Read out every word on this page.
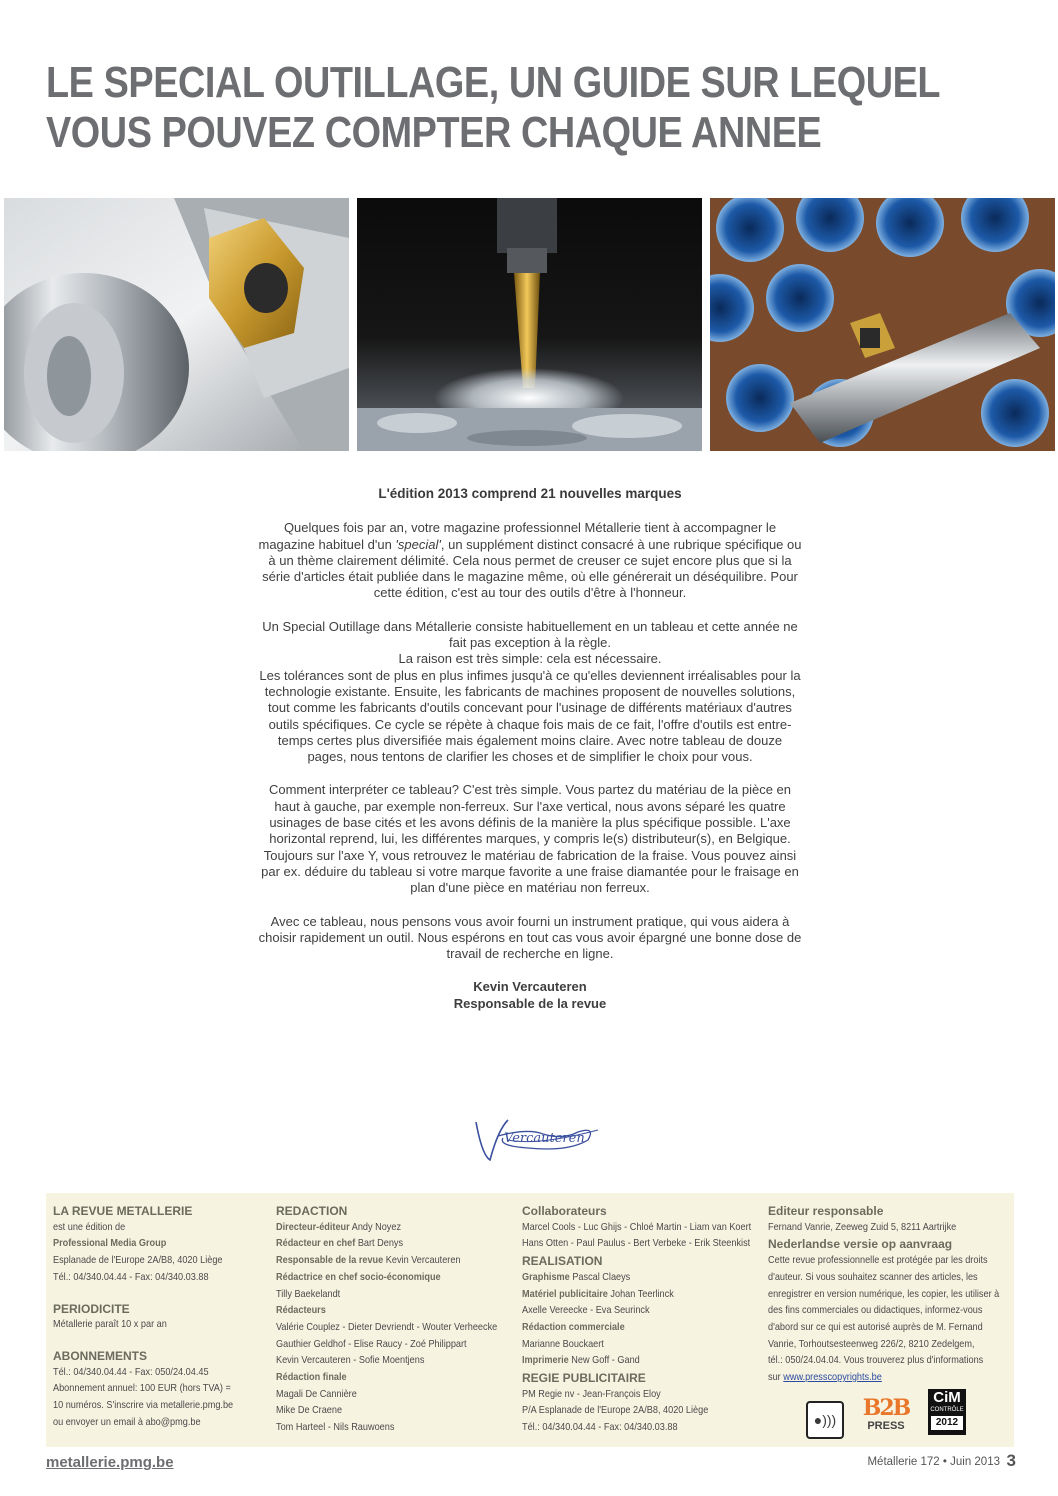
LE SPECIAL OUTILLAGE, UN GUIDE SUR LEQUEL
VOUS POUVEZ COMPTER CHAQUE ANNEE
L'édition 2013 comprend 21 nouvelles marques

Quelques fois par an, votre magazine professionnel Métallerie tient à accompagner le magazine habituel d'un 'special', un supplément distinct consacré à une rubrique spécifique ou à un thème clairement délimité. Cela nous permet de creuser ce sujet encore plus que si la série d'articles était publiée dans le magazine même, où elle générerait un déséquilibre. Pour cette édition, c'est au tour des outils d'être à l'honneur.

Un Special Outillage dans Métallerie consiste habituellement en un tableau et cette année ne fait pas exception à la règle.
La raison est très simple: cela est nécessaire.
Les tolérances sont de plus en plus infimes jusqu'à ce qu'elles deviennent irréalisables pour la technologie existante. Ensuite, les fabricants de machines proposent de nouvelles solutions, tout comme les fabricants d'outils concevant pour l'usinage de différents matériaux d'autres outils spécifiques. Ce cycle se répète à chaque fois mais de ce fait, l'offre d'outils est entre-temps certes plus diversifiée mais également moins claire. Avec notre tableau de douze pages, nous tentons de clarifier les choses et de simplifier le choix pour vous.

Comment interpréter ce tableau? C'est très simple. Vous partez du matériau de la pièce en haut à gauche, par exemple non-ferreux. Sur l'axe vertical, nous avons séparé les quatre usinages de base cités et les avons définis de la manière la plus spécifique possible. L'axe horizontal reprend, lui, les différentes marques, y compris le(s) distributeur(s), en Belgique. Toujours sur l'axe Y, vous retrouvez le matériau de fabrication de la fraise. Vous pouvez ainsi par ex. déduire du tableau si votre marque favorite a une fraise diamantée pour le fraisage en plan d'une pièce en matériau non ferreux.

Avec ce tableau, nous pensons vous avoir fourni un instrument pratique, qui vous aidera à choisir rapidement un outil. Nous espérons en tout cas vous avoir épargné une bonne dose de travail de recherche en ligne.

Kevin Vercauteren
Responsable de la revue
Vercauteren
LA REVUE METALLERIE
est une édition de
Professional Media Group
Esplanade de l'Europe 2A/B8, 4020 Liège
Tél.: 04/340.04.44 - Fax: 04/340.03.88
PERIODICITE
Métallerie paraît 10 x par an
ABONNEMENTS
Tél.: 04/340.04.44 - Fax: 050/24.04.45
Abonnement annuel: 100 EUR (hors TVA) =
10 numéros. S'inscrire via metallerie.pmg.be
ou envoyer un email à abo@pmg.be
REDACTION
Directeur-éditeur Andy Noyez
Rédacteur en chef Bart Denys
Responsable de la revue Kevin Vercauteren
Rédactrice en chef socio-économique
Tilly Baekelandt
Rédacteurs
Valérie Couplez - Dieter Devriendt - Wouter Verheecke
Gauthier Geldhof - Elise Raucy - Zoé Philippart
Kevin Vercauteren - Sofie Moentjens
Rédaction finale
Magali De Cannière
Mike De Craene
Tom Harteel - Nils Rauwoens
Collaborateurs
Marcel Cools - Luc Ghijs - Chloé Martin - Liam van Koert
Hans Otten - Paul Paulus - Bert Verbeke - Erik Steenkist
REALISATION
Graphisme Pascal Claeys
Matériel publicitaire Johan Teerlinck
Axelle Vereecke - Eva Seurinck
Rédaction commerciale
Marianne Bouckaert
Imprimerie New Goff - Gand
REGIE PUBLICITAIRE
PM Regie nv - Jean-François Eloy
P/A Esplanade de l'Europe 2A/B8, 4020 Liège
Tél.: 04/340.04.44 - Fax: 04/340.03.88
Editeur responsable
Fernand Vanrie, Zeeweg Zuid 5, 8211 Aartrijke
Nederlandse versie op aanvraag
Cette revue professionnelle est protégée par les droits
d'auteur. Si vous souhaitez scanner des articles, les
enregistrer en version numérique, les copier, les utiliser à
des fins commerciales ou didactiques, informez-vous
d'abord sur ce qui est autorisé auprès de M. Fernand
Vanrie, Torhoutsesteenweg 226/2, 8210 Zedelgem,
tél.: 050/24.04.04. Vous trouverez plus d'informations
sur www.presscopyrights.be
●)))	B2B
PRESS
CiM
CONTRÔLE
2012
metallerie.pmg.be	Métallerie 172 • Juin 2013 3
